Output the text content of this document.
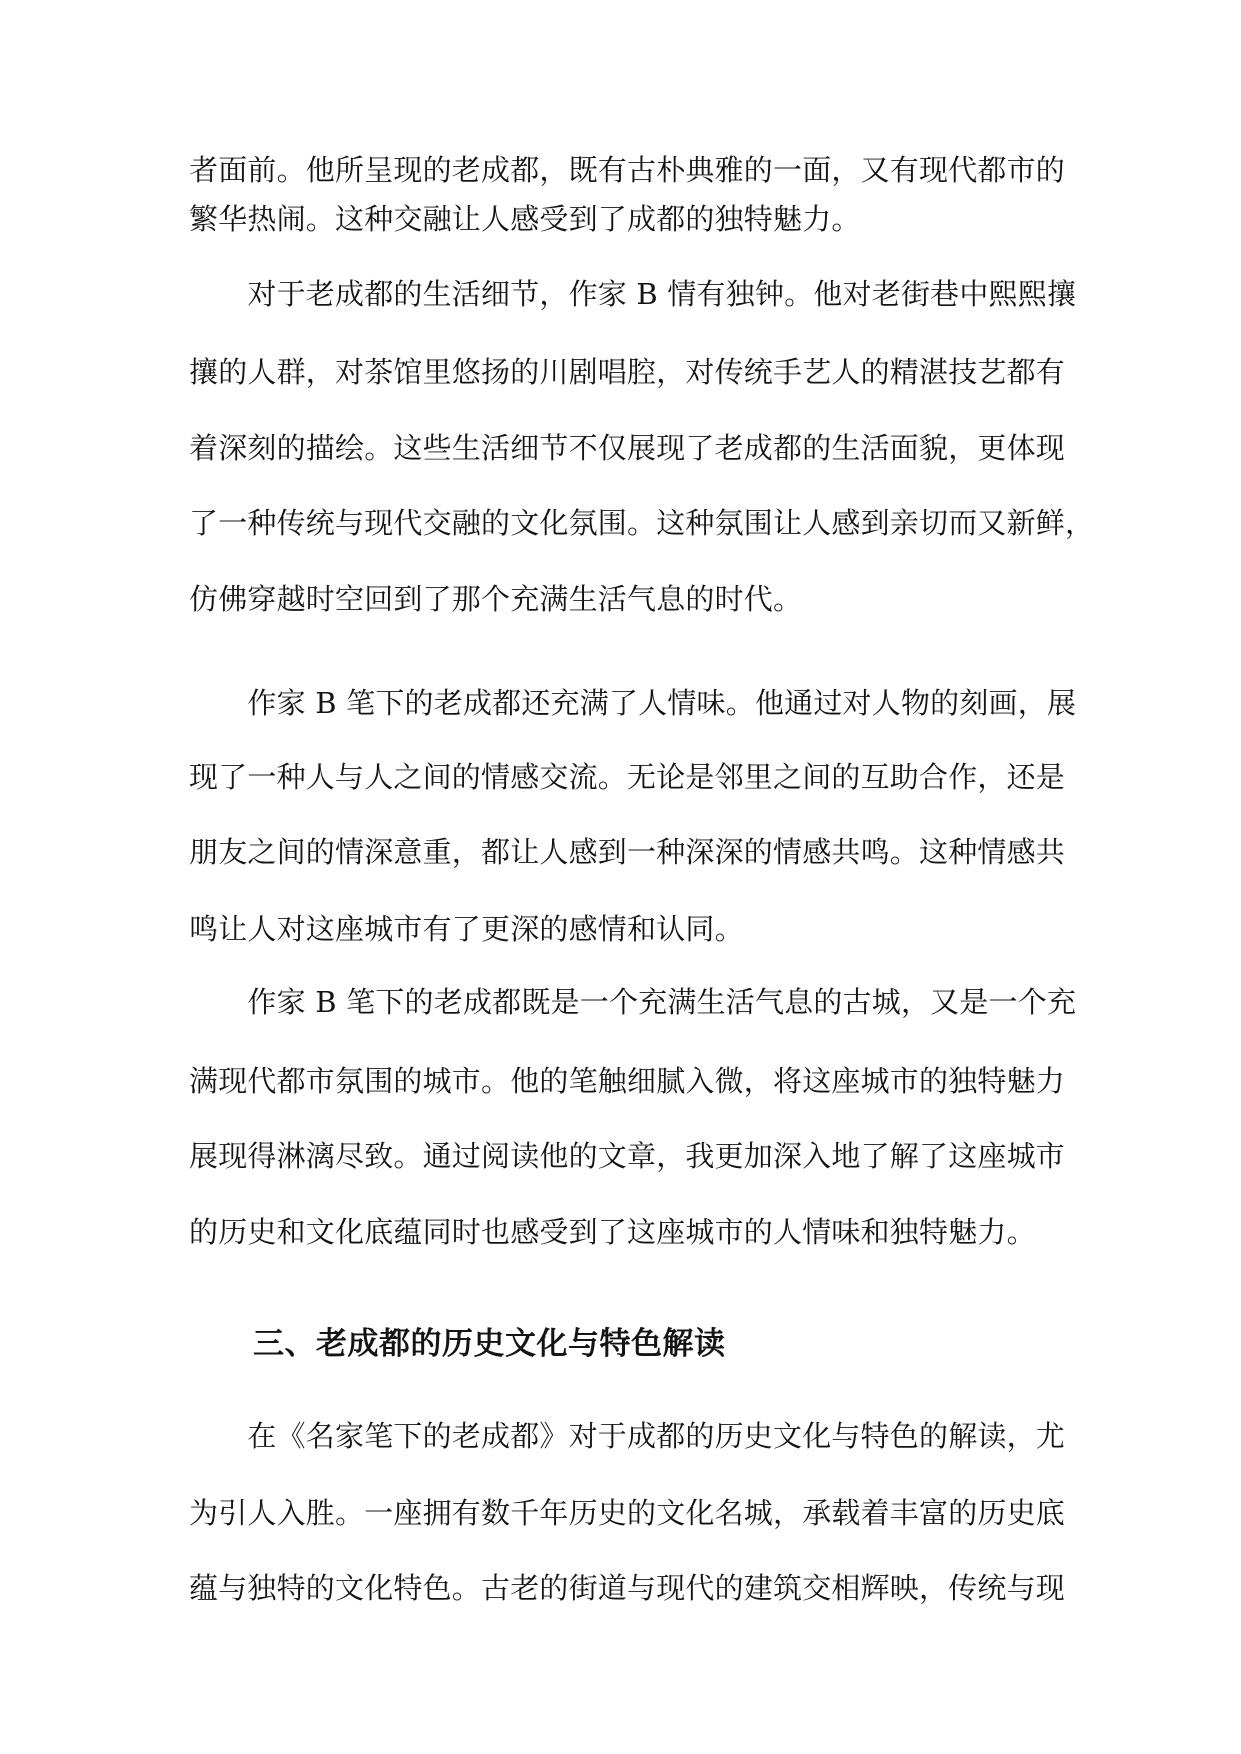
者面前。他所呈现的老成都，既有古朴典雅的一面，又有现代都市的
繁华热闹。这种交融让人感受到了成都的独特魅力。
　　对于老成都的生活细节，作家 B 情有独钟。他对老街巷中熙熙攘
攘的人群，对茶馆里悠扬的川剧唱腔，对传统手艺人的精湛技艺都有
着深刻的描绘。这些生活细节不仅展现了老成都的生活面貌，更体现
了一种传统与现代交融的文化氛围。这种氛围让人感到亲切而又新鲜，
仿佛穿越时空回到了那个充满生活气息的时代。
　　作家 B 笔下的老成都还充满了人情味。他通过对人物的刻画，展
现了一种人与人之间的情感交流。无论是邻里之间的互助合作，还是
朋友之间的情深意重，都让人感到一种深深的情感共鸣。这种情感共
鸣让人对这座城市有了更深的感情和认同。
　　作家 B 笔下的老成都既是一个充满生活气息的古城，又是一个充
满现代都市氛围的城市。他的笔触细腻入微，将这座城市的独特魅力
展现得淋漓尽致。通过阅读他的文章，我更加深入地了解了这座城市
的历史和文化底蕴同时也感受到了这座城市的人情味和独特魅力。
三、老成都的历史文化与特色解读
　　在《名家笔下的老成都》对于成都的历史文化与特色的解读，尤
为引人入胜。一座拥有数千年历史的文化名城，承载着丰富的历史底
蕴与独特的文化特色。古老的街道与现代的建筑交相辉映，传统与现
